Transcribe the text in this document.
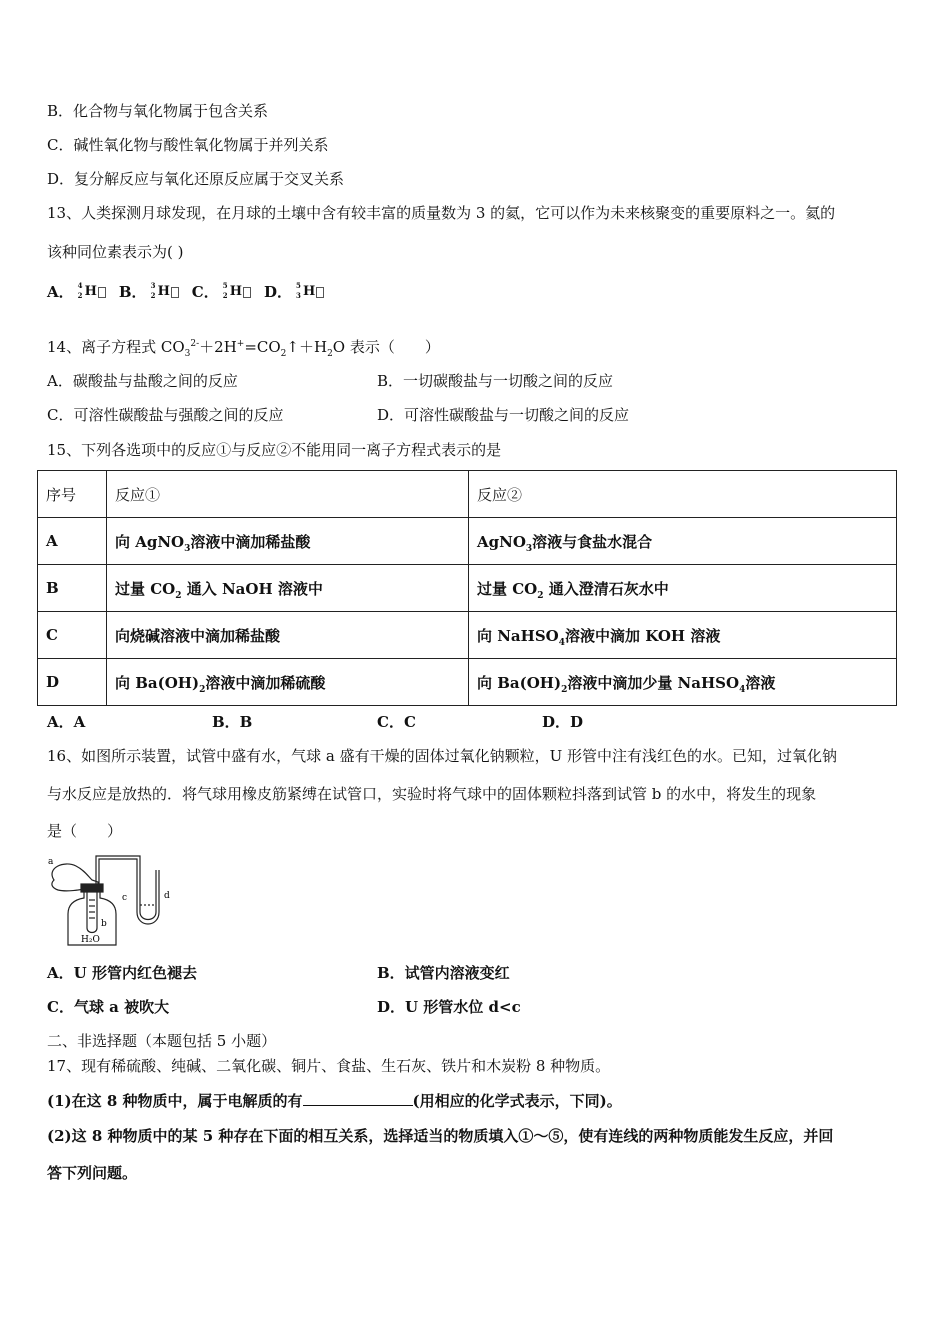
B．化合物与氧化物属于包含关系
C．碱性氧化物与酸性氧化物属于并列关系
D．复分解反应与氧化还原反应属于交叉关系
13、人类探测月球发现，在月球的土壤中含有较丰富的质量数为 3 的氦，它可以作为未来核聚变的重要原料之一。氦的
该种同位素表示为( )
A． 4
2 H B． 3
2 H C． 5
2 H D． 5
3 H
14、离子方程式 $CO_3^{2-}+2H^+=CO_2↑+H_2O$ 表示（　　）
A．碳酸盐与盐酸之间的反应	B．一切碳酸盐与一切酸之间的反应
C．可溶性碳酸盐与强酸之间的反应	D．可溶性碳酸盐与一切酸之间的反应
15、下列各选项中的反应①与反应②不能用同一离子方程式表示的是
序号	反应①	反应②
A	向 AgNO$_3$溶液中滴加稀盐酸	AgNO$_3$溶液与食盐水混合
B	过量 $CO_2$ 通入 NaOH 溶液中	过量 $CO_2$ 通入澄清石灰水中
C	向烧碱溶液中滴加稀盐酸	向 NaHSO$_4$溶液中滴加 KOH 溶液
D	向 $Ba(OH)_2$溶液中滴加稀硫酸	向 $Ba(OH)_2$溶液中滴加少量 NaHSO$_4$溶液
A．A	B．B	C．C	D．D
16、如图所示装置，试管中盛有水，气球 a 盛有干燥的固体过氧化钠颗粒，U 形管中注有浅红色的水。已知，过氧化钠
与水反应是放热的．将气球用橡皮筋紧缚在试管口，实验时将气球中的固体颗粒抖落到试管 b 的水中，将发生的现象
是（　　）
a
b
c	d
H₂O
A．U 形管内红色褪去	B．试管内溶液变红
C．气球 a 被吹大	D．U 形管水位 d<c
二、非选择题（本题包括 5 小题）
17、现有稀硫酸、纯碱、二氧化碳、铜片、食盐、生石灰、铁片和木炭粉 8 种物质。
(1)在这 8 种物质中，属于电解质的有	(用相应的化学式表示，下同)。
(2)这 8 种物质中的某 5 种存在下面的相互关系，选择适当的物质填入①～⑤，使有连线的两种物质能发生反应，并回
答下列问题。
